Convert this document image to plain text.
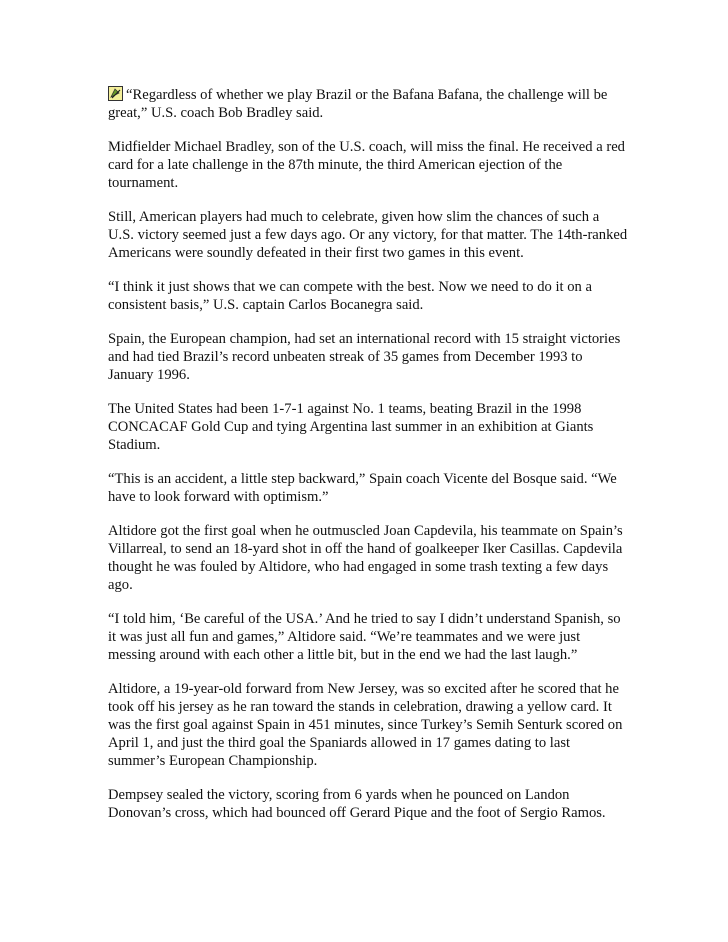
“Regardless of whether we play Brazil or the Bafana Bafana, the challenge will be great,” U.S. coach Bob Bradley said.

Midfielder Michael Bradley, son of the U.S. coach, will miss the final. He received a red card for a late challenge in the 87th minute, the third American ejection of the tournament.

Still, American players had much to celebrate, given how slim the chances of such a U.S. victory seemed just a few days ago. Or any victory, for that matter. The 14th-ranked Americans were soundly defeated in their first two games in this event.

“I think it just shows that we can compete with the best. Now we need to do it on a consistent basis,” U.S. captain Carlos Bocanegra said.

Spain, the European champion, had set an international record with 15 straight victories and had tied Brazil’s record unbeaten streak of 35 games from December 1993 to January 1996.

The United States had been 1-7-1 against No. 1 teams, beating Brazil in the 1998 CONCACAF Gold Cup and tying Argentina last summer in an exhibition at Giants Stadium.

“This is an accident, a little step backward,” Spain coach Vicente del Bosque said. “We have to look forward with optimism.”

Altidore got the first goal when he outmuscled Joan Capdevila, his teammate on Spain’s Villarreal, to send an 18-yard shot in off the hand of goalkeeper Iker Casillas. Capdevila thought he was fouled by Altidore, who had engaged in some trash texting a few days ago.

“I told him, ‘Be careful of the USA.’ And he tried to say I didn’t understand Spanish, so it was just all fun and games,” Altidore said. “We’re teammates and we were just messing around with each other a little bit, but in the end we had the last laugh.”

Altidore, a 19-year-old forward from New Jersey, was so excited after he scored that he took off his jersey as he ran toward the stands in celebration, drawing a yellow card. It was the first goal against Spain in 451 minutes, since Turkey’s Semih Senturk scored on April 1, and just the third goal the Spaniards allowed in 17 games dating to last summer’s European Championship.

Dempsey sealed the victory, scoring from 6 yards when he pounced on Landon Donovan’s cross, which had bounced off Gerard Pique and the foot of Sergio Ramos.
